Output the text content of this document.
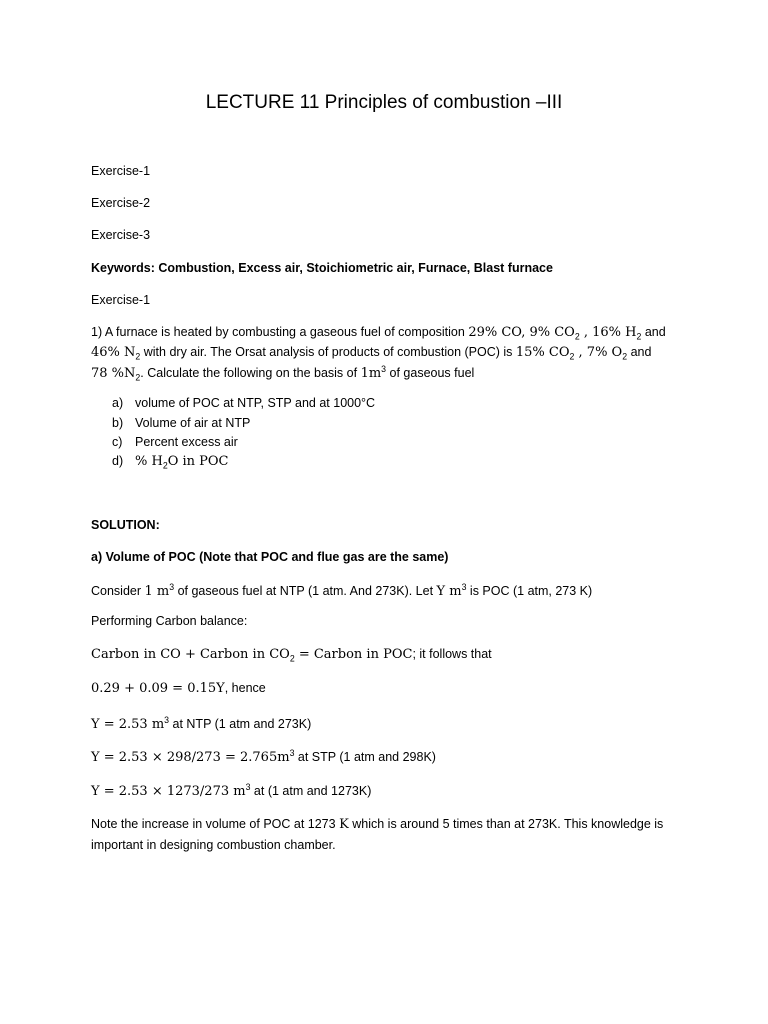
LECTURE 11 Principles of combustion –III
Exercise-1
Exercise-2
Exercise-3
Keywords: Combustion, Excess air, Stoichiometric air, Furnace, Blast furnace
Exercise-1
1) A furnace is heated by combusting a gaseous fuel of composition 29% CO, 9% $CO_2$ , 16% $H_2$ and
46% $N_2$ with dry air. The Orsat analysis of products of combustion (POC) is 15% $CO_2$ , 7% $O_2$ and
78 $\%N_2$. Calculate the following on the basis of $1m^3$ of gaseous fuel
a) volume of POC at NTP, STP and at 1000°C
b) Volume of air at NTP
c) Percent excess air
d) % $H_2O$ in POC
SOLUTION:
a) Volume of POC (Note that POC and flue gas are the same)
Consider 1 $m^3$ of gaseous fuel at NTP (1 atm. And 273K). Let Y $m^3$ is POC (1 atm, 273 K)
Performing Carbon balance:
Carbon in CO + Carbon in $CO_2$ = Carbon in POC; it follows that
0.29 + 0.09 = 0.15Y, hence
Y = 2.53 $m^3$ at NTP (1 atm and 273K)
$Y = 2.53 \times 298/273 = 2.765m^3$ at STP (1 atm and 298K)
Y = 2.53 × 1273/273 $m^3$ at (1 atm and 1273K)
Note the increase in volume of POC at 1273 K which is around 5 times than at 273K. This knowledge is important in designing combustion chamber.
